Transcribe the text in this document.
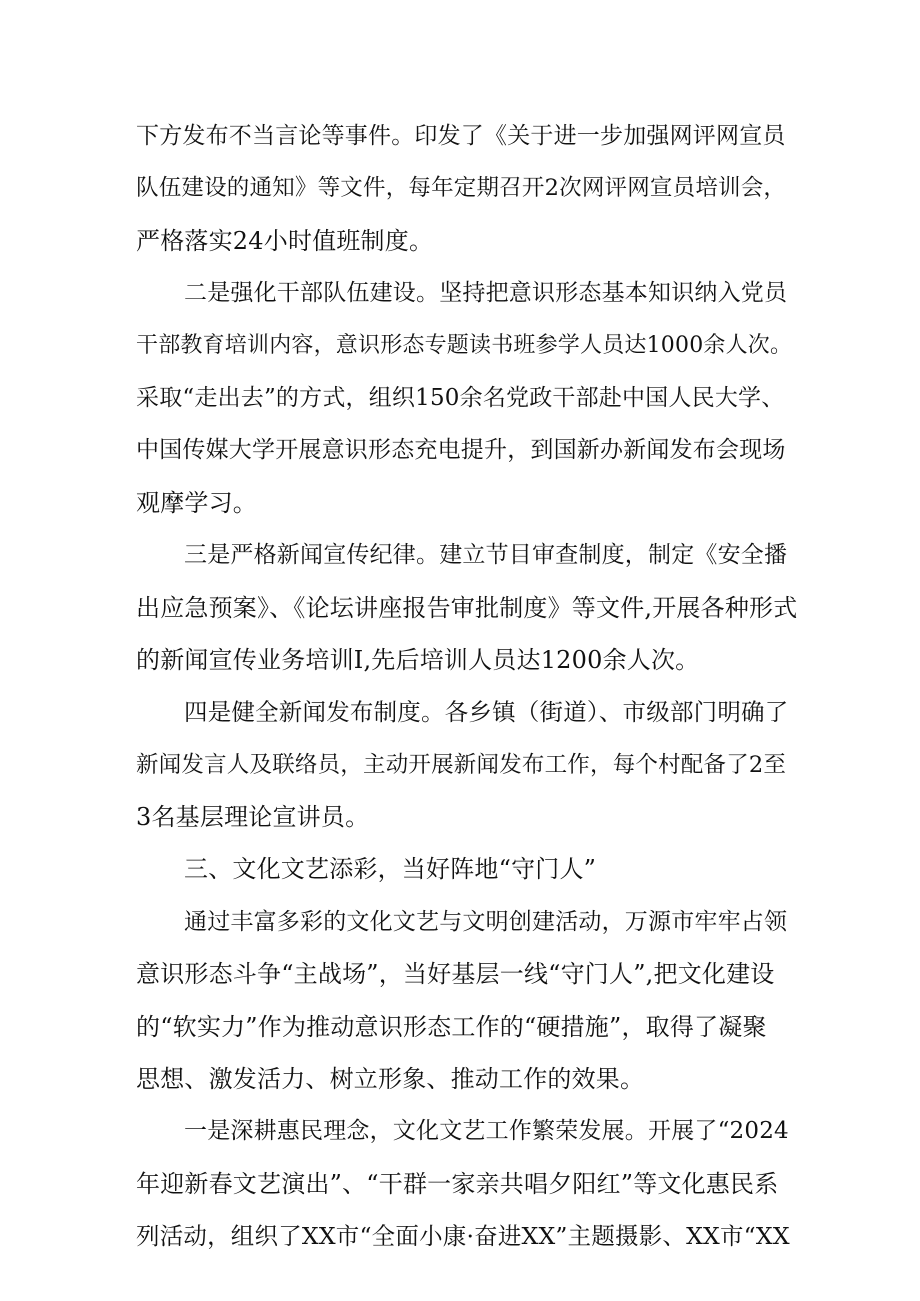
下方发布不当言论等事件。印发了《关于进一步加强网评网宣员
队伍建设的通知》等文件，每年定期召开2次网评网宣员培训会，
严格落实24小时值班制度。
二是强化干部队伍建设。坚持把意识形态基本知识纳入党员
干部教育培训内容，意识形态专题读书班参学人员达1000余人次。
采取“走出去”的方式，组织150余名党政干部赴中国人民大学、
中国传媒大学开展意识形态充电提升，到国新办新闻发布会现场
观摩学习。
三是严格新闻宣传纪律。建立节目审查制度，制定《安全播
出应急预案》、《论坛讲座报告审批制度》等文件,开展各种形式
的新闻宣传业务培训I,先后培训人员达1200余人次。
四是健全新闻发布制度。各乡镇（街道）、市级部门明确了
新闻发言人及联络员，主动开展新闻发布工作，每个村配备了2至
3名基层理论宣讲员。
三、文化文艺添彩，当好阵地“守门人”
通过丰富多彩的文化文艺与文明创建活动，万源市牢牢占领
意识形态斗争“主战场”，当好基层一线“守门人”,把文化建设
的“软实力”作为推动意识形态工作的“硬措施”，取得了凝聚
思想、激发活力、树立形象、推动工作的效果。
一是深耕惠民理念，文化文艺工作繁荣发展。开展了“2024
年迎新春文艺演出”、“干群一家亲共唱夕阳红”等文化惠民系
列活动，组织了XX市“全面小康·奋进XX”主题摄影、XX市“XX
